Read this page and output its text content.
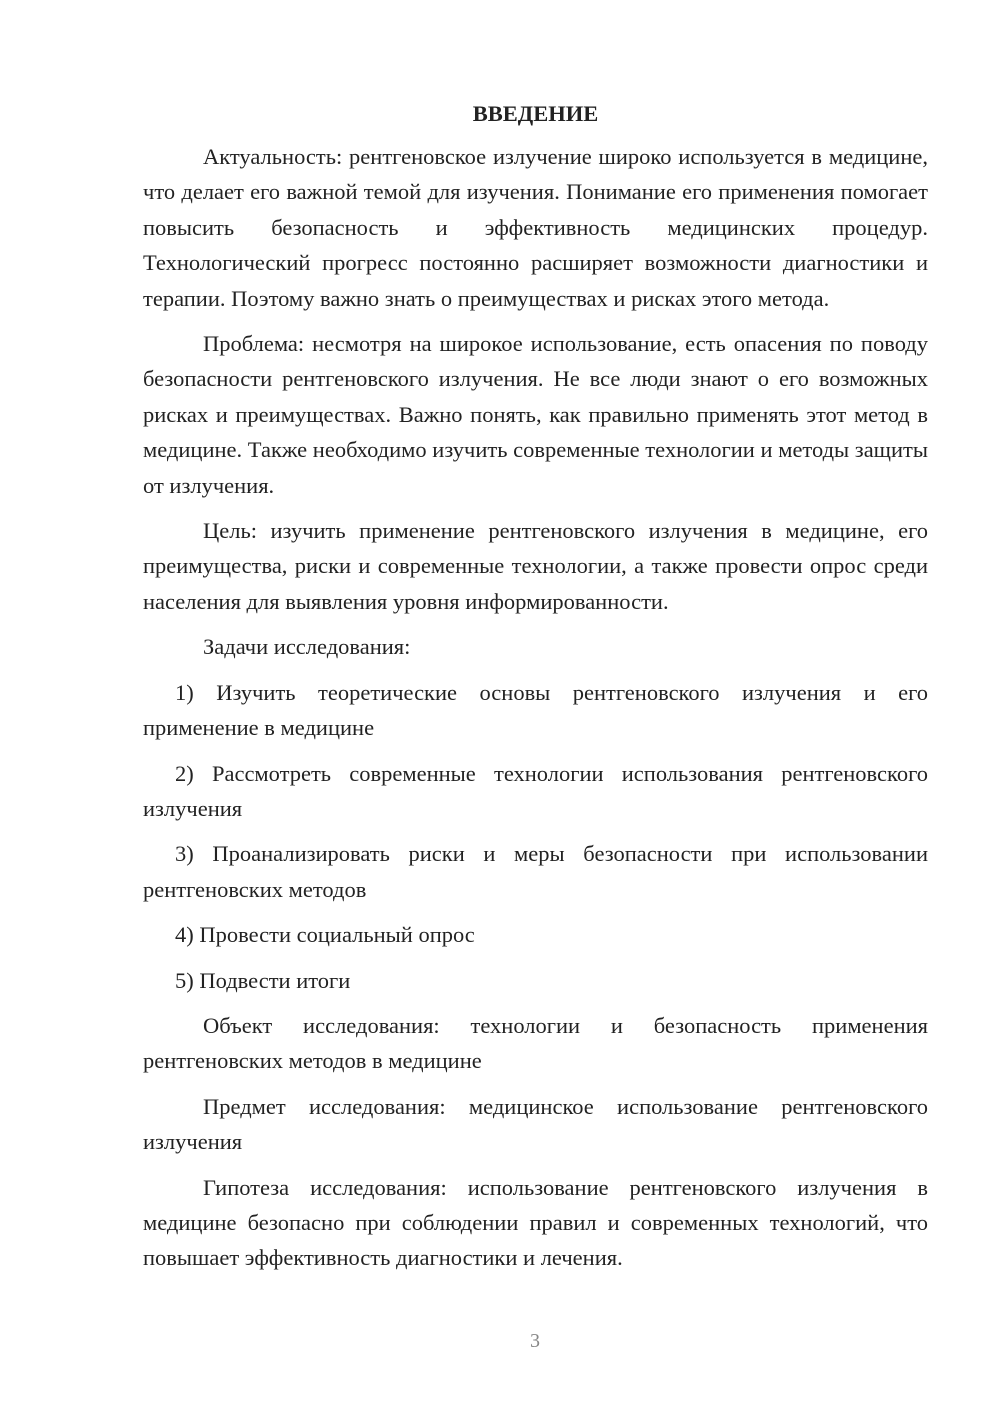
ВВЕДЕНИЕ

Актуальность: рентгеновское излучение широко используется в медицине, что делает его важной темой для изучения. Понимание его применения помогает повысить безопасность и эффективность медицинских процедур. Технологический прогресс постоянно расширяет возможности диагностики и терапии. Поэтому важно знать о преимуществах и рисках этого метода.

Проблема: несмотря на широкое использование, есть опасения по поводу безопасности рентгеновского излучения. Не все люди знают о его возможных рисках и преимуществах. Важно понять, как правильно применять этот метод в медицине. Также необходимо изучить современные технологии и методы защиты от излучения.

Цель: изучить применение рентгеновского излучения в медицине, его преимущества, риски и современные технологии, а также провести опрос среди населения для выявления уровня информированности.

Задачи исследования:

1) Изучить теоретические основы рентгеновского излучения и его применение в медицине

2) Рассмотреть современные технологии использования рентгеновского излучения

3) Проанализировать риски и меры безопасности при использовании рентгеновских методов

4) Провести социальный опрос

5) Подвести итоги

Объект исследования: технологии и безопасность применения рентгеновских методов в медицине

Предмет исследования: медицинское использование рентгеновского излучения

Гипотеза исследования: использование рентгеновского излучения в медицине безопасно при соблюдении правил и современных технологий, что повышает эффективность диагностики и лечения.

3
